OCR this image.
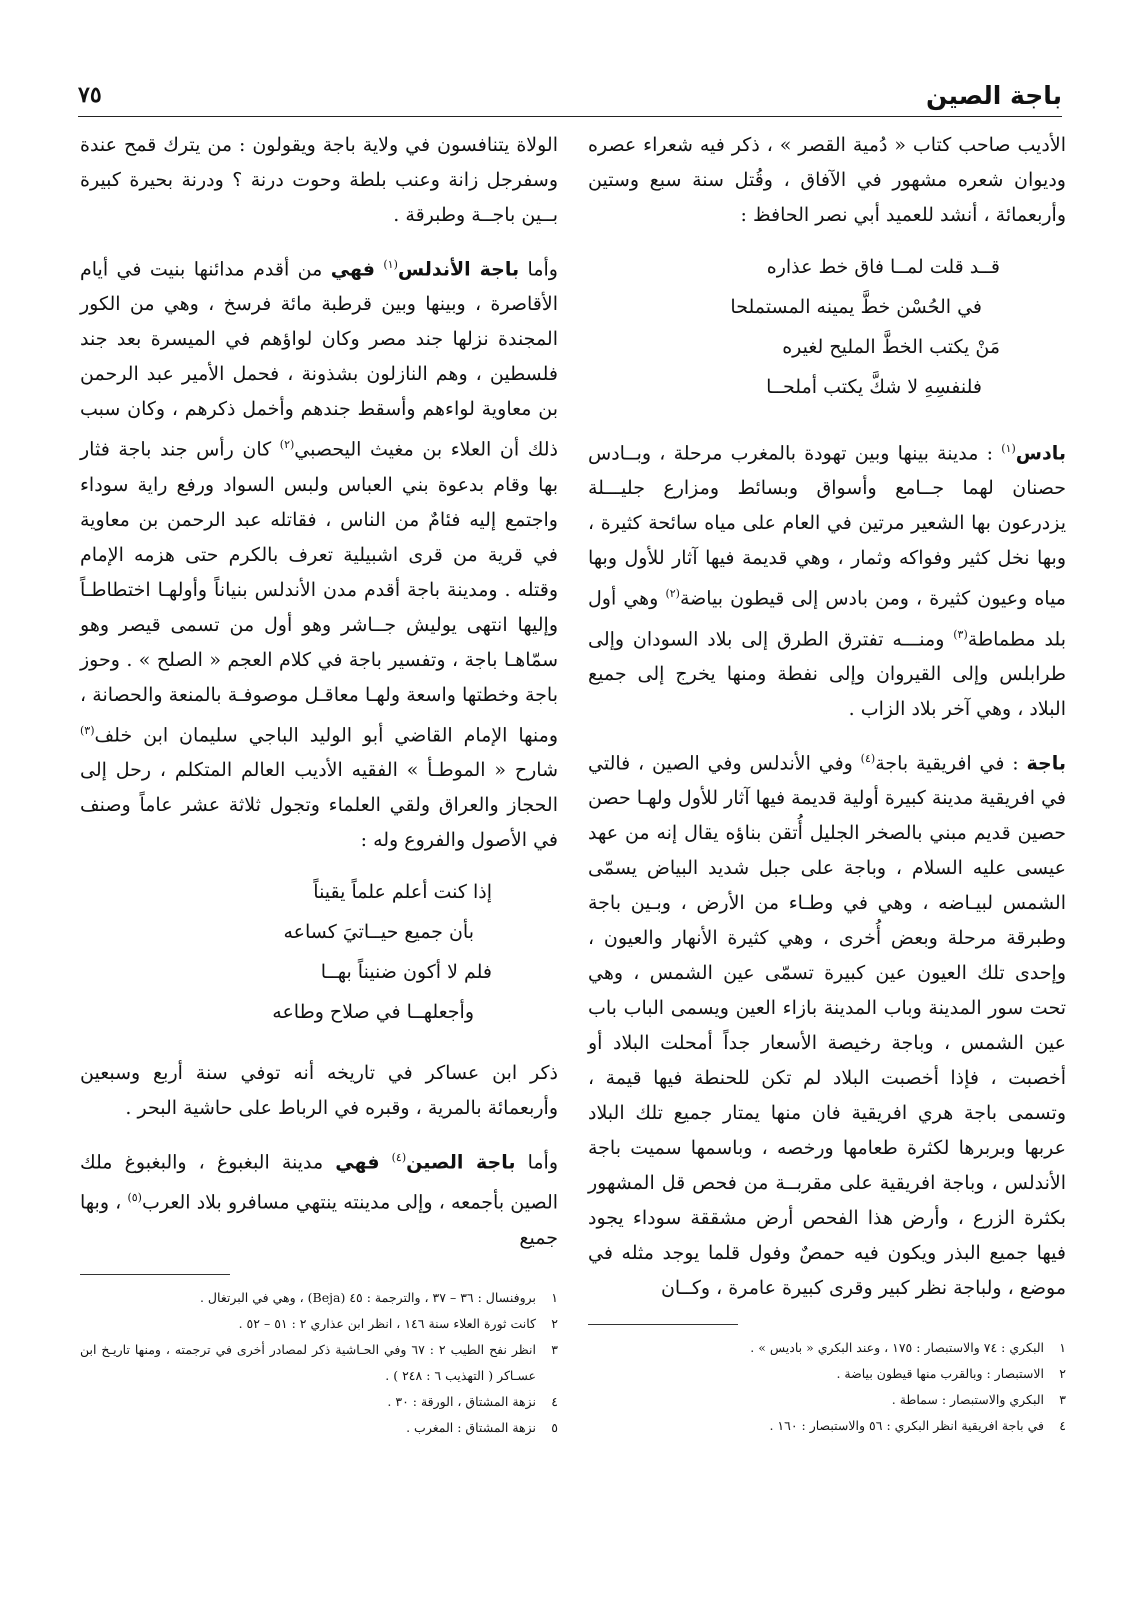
٧٥	باجة الصين

الأديب صاحب كتاب « دُمية القصر » ، ذكر فيه شعراء عصره وديوان شعره مشهور في الآفاق ، وقُتل سنة سبع وستين وأربعمائة ، أنشد للعميد أبي نصر الحافظ :

قــد قلت لمــا فاق خط عذاره
في الحُسْن خطَّ يمينه المستملحا
مَنْ يكتب الخطَّ المليح لغيره
فلنفسِهِ لا شكَّ يكتب أملحــا

بادس$^{(١)}$ : مدينة بينها وبين تهودة بالمغرب مرحلة ، وبــادس حصنان لهما جــامع وأسواق وبسائط ومزارع جليـــلة يزدرعون بها الشعير مرتين في العام على مياه سائحة كثيرة ، وبها نخل كثير وفواكه وثمار ، وهي قديمة فيها آثار للأول وبها مياه وعيون كثيرة ، ومن بادس إلى قيطون بياضة$^{(٢)}$ وهي أول بلد مطماطة$^{(٣)}$ ومنـــه تفترق الطرق إلى بلاد السودان وإلى طرابلس وإلى القيروان وإلى نفطة ومنها يخرج إلى جميع البلاد ، وهي آخر بلاد الزاب .

باجة : في افريقية باجة$^{(٤)}$ وفي الأندلس وفي الصين ، فالتي في افريقية مدينة كبيرة أولية قديمة فيها آثار للأول ولهـا حصن حصين قديم مبني بالصخر الجليل أُتقن بناؤه يقال إنه من عهد عيسى عليه السلام ، وباجة على جبل شديد البياض يسمّى الشمس لبيـاضه ، وهي في وطـاء من الأرض ، وبـين باجة وطبرقة مرحلة وبعض أُخرى ، وهي كثيرة الأنهار والعيون ، وإحدى تلك العيون عين كبيرة تسمّى عين الشمس ، وهي تحت سور المدينة وباب المدينة بازاء العين ويسمى الباب باب عين الشمس ، وباجة رخيصة الأسعار جداً أمحلت البلاد أو أخصبت ، فإذا أخصبت البلاد لم تكن للحنطة فيها قيمة ، وتسمى باجة هري افريقية فان منها يمتار جميع تلك البلاد عربها وبربرها لكثرة طعامها ورخصه ، وباسمها سميت باجة الأندلس ، وباجة افريقية على مقربــة من فحص قل المشهور بكثرة الزرع ، وأرض هذا الفحص أرض مشققة سوداء يجود فيها جميع البذر ويكون فيه حمصٌ وفول قلما يوجد مثله في موضع ، ولباجة نظر كبير وقرى كبيرة عامرة ، وكــان

١
البكري : ٧٤ والاستبصار : ١٧٥ ، وعند البكري « باديس » .
٢
الاستبصار : وبالقرب منها قيطون بياضة .
٣
البكري والاستبصار : سماطة .
٤
في باجة افريقية انظر البكري : ٥٦ والاستبصار : ١٦٠ .

الولاة يتنافسون في ولاية باجة ويقولون : من يترك قمح عندة وسفرجل زانة وعنب بلطة وحوت درنة ؟ ودرنة بحيرة كبيرة بــين باجــة وطبرقة .

وأما باجة الأندلس$^{(١)}$ فهي من أقدم مدائنها بنيت في أيام الأقاصرة ، وبينها وبين قرطبة مائة فرسخ ، وهي من الكور المجندة نزلها جند مصر وكان لواؤهم في الميسرة بعد جند فلسطين ، وهم النازلون بشذونة ، فحمل الأمير عبد الرحمن بن معاوية لواءهم وأسقط جندهم وأخمل ذكرهم ، وكان سبب ذلك أن العلاء بن مغيث اليحصبي$^{(٢)}$ كان رأس جند باجة فثار بها وقام بدعوة بني العباس ولبس السواد ورفع راية سوداء واجتمع إليه فئامٌ من الناس ، فقاتله عبد الرحمن بن معاوية في قرية من قرى اشبيلية تعرف بالكرم حتى هزمه الإمام وقتله . ومدينة باجة أقدم مدن الأندلس بنياناً وأولهـا اختطاطـاً وإليها انتهى يوليش جــاشر وهو أول من تسمى قيصر وهو سمّاهـا باجة ، وتفسير باجة في كلام العجم « الصلح » . وحوز باجة وخطتها واسعة ولهـا معاقـل موصوفـة بالمنعة والحصانة ، ومنها الإمام القاضي أبو الوليد الباجي سليمان ابن خلف$^{(٣)}$ شارح « الموطـأ » الفقيه الأديب العالم المتكلم ، رحل إلى الحجاز والعراق ولقي العلماء وتجول ثلاثة عشر عاماً وصنف في الأصول والفروع وله :

إذا كنت أعلم علماً يقيناً
بأن جميع حيــاتيَ كساعه
فلم لا أكون ضنيناً بهــا
وأجعلهــا في صلاح وطاعه

ذكر ابن عساكر في تاريخه أنه توفي سنة أربع وسبعين وأربعمائة بالمرية ، وقبره في الرباط على حاشية البحر .

وأما باجة الصين$^{(٤)}$ فهي مدينة البغبوغ ، والبغبوغ ملك الصين بأجمعه ، وإلى مدينته ينتهي مسافرو بلاد العرب$^{(٥)}$ ، وبها جميع

١
بروفنسال : ٣٦ – ٣٧ ، والترجمة : ٤٥ (Beja) ، وهي في البرتغال .
٢
كانت ثورة العلاء سنة ١٤٦ ، انظر ابن عذاري ٢ : ٥١ – ٥٢ .
٣
انظر نفح الطيب ٢ : ٦٧ وفي الحـاشية ذكر لمصادر أخرى في ترجمته ، ومنها تاريـخ ابن عسـاكر ( التهذيب ٦ : ٢٤٨ ) .
٤
نزهة المشتاق ، الورقة : ٣٠ .
٥
نزهة المشتاق : المغرب .
